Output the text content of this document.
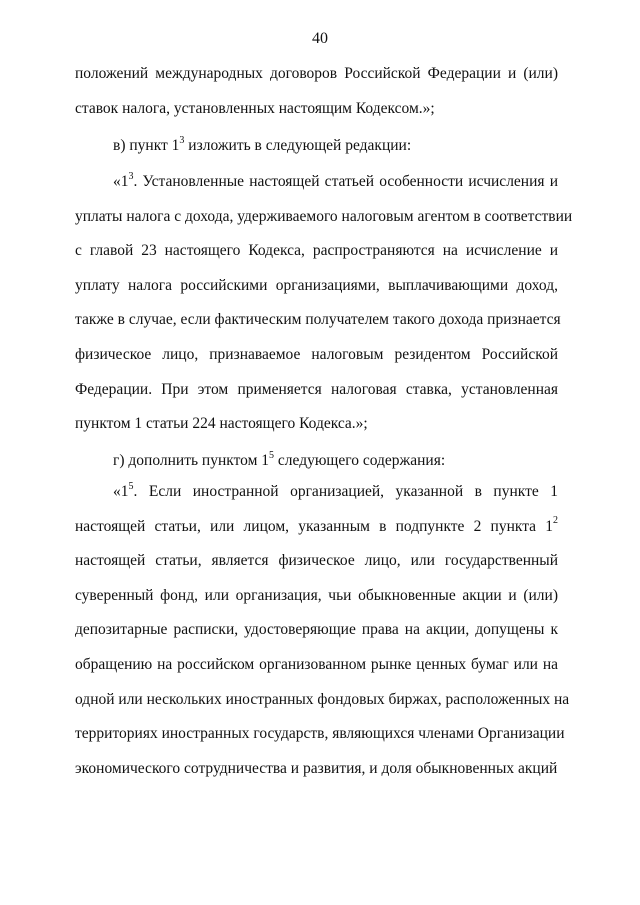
40
положений международных договоров Российской Федерации и (или)
ставок налога, установленных настоящим Кодексом.»;
в) пункт $1^3$ изложить в следующей редакции:
«$1^3$. Установленные настоящей статьей особенности исчисления и
уплаты налога с дохода, удерживаемого налоговым агентом в соответствии
с главой 23 настоящего Кодекса, распространяются на исчисление и
уплату налога российскими организациями, выплачивающими доход,
также в случае, если фактическим получателем такого дохода признается
физическое лицо, признаваемое налоговым резидентом Российской
Федерации. При этом применяется налоговая ставка, установленная
пунктом 1 статьи 224 настоящего Кодекса.»;
г) дополнить пунктом $1^5$ следующего содержания:
«$1^5$. Если иностранной организацией, указанной в пункте 1
настоящей статьи, или лицом, указанным в подпункте 2 пункта $1^2$
настоящей статьи, является физическое лицо, или государственный
суверенный фонд, или организация, чьи обыкновенные акции и (или)
депозитарные расписки, удостоверяющие права на акции, допущены к
обращению на российском организованном рынке ценных бумаг или на
одной или нескольких иностранных фондовых биржах, расположенных на
территориях иностранных государств, являющихся членами Организации
экономического сотрудничества и развития, и доля обыкновенных акций
